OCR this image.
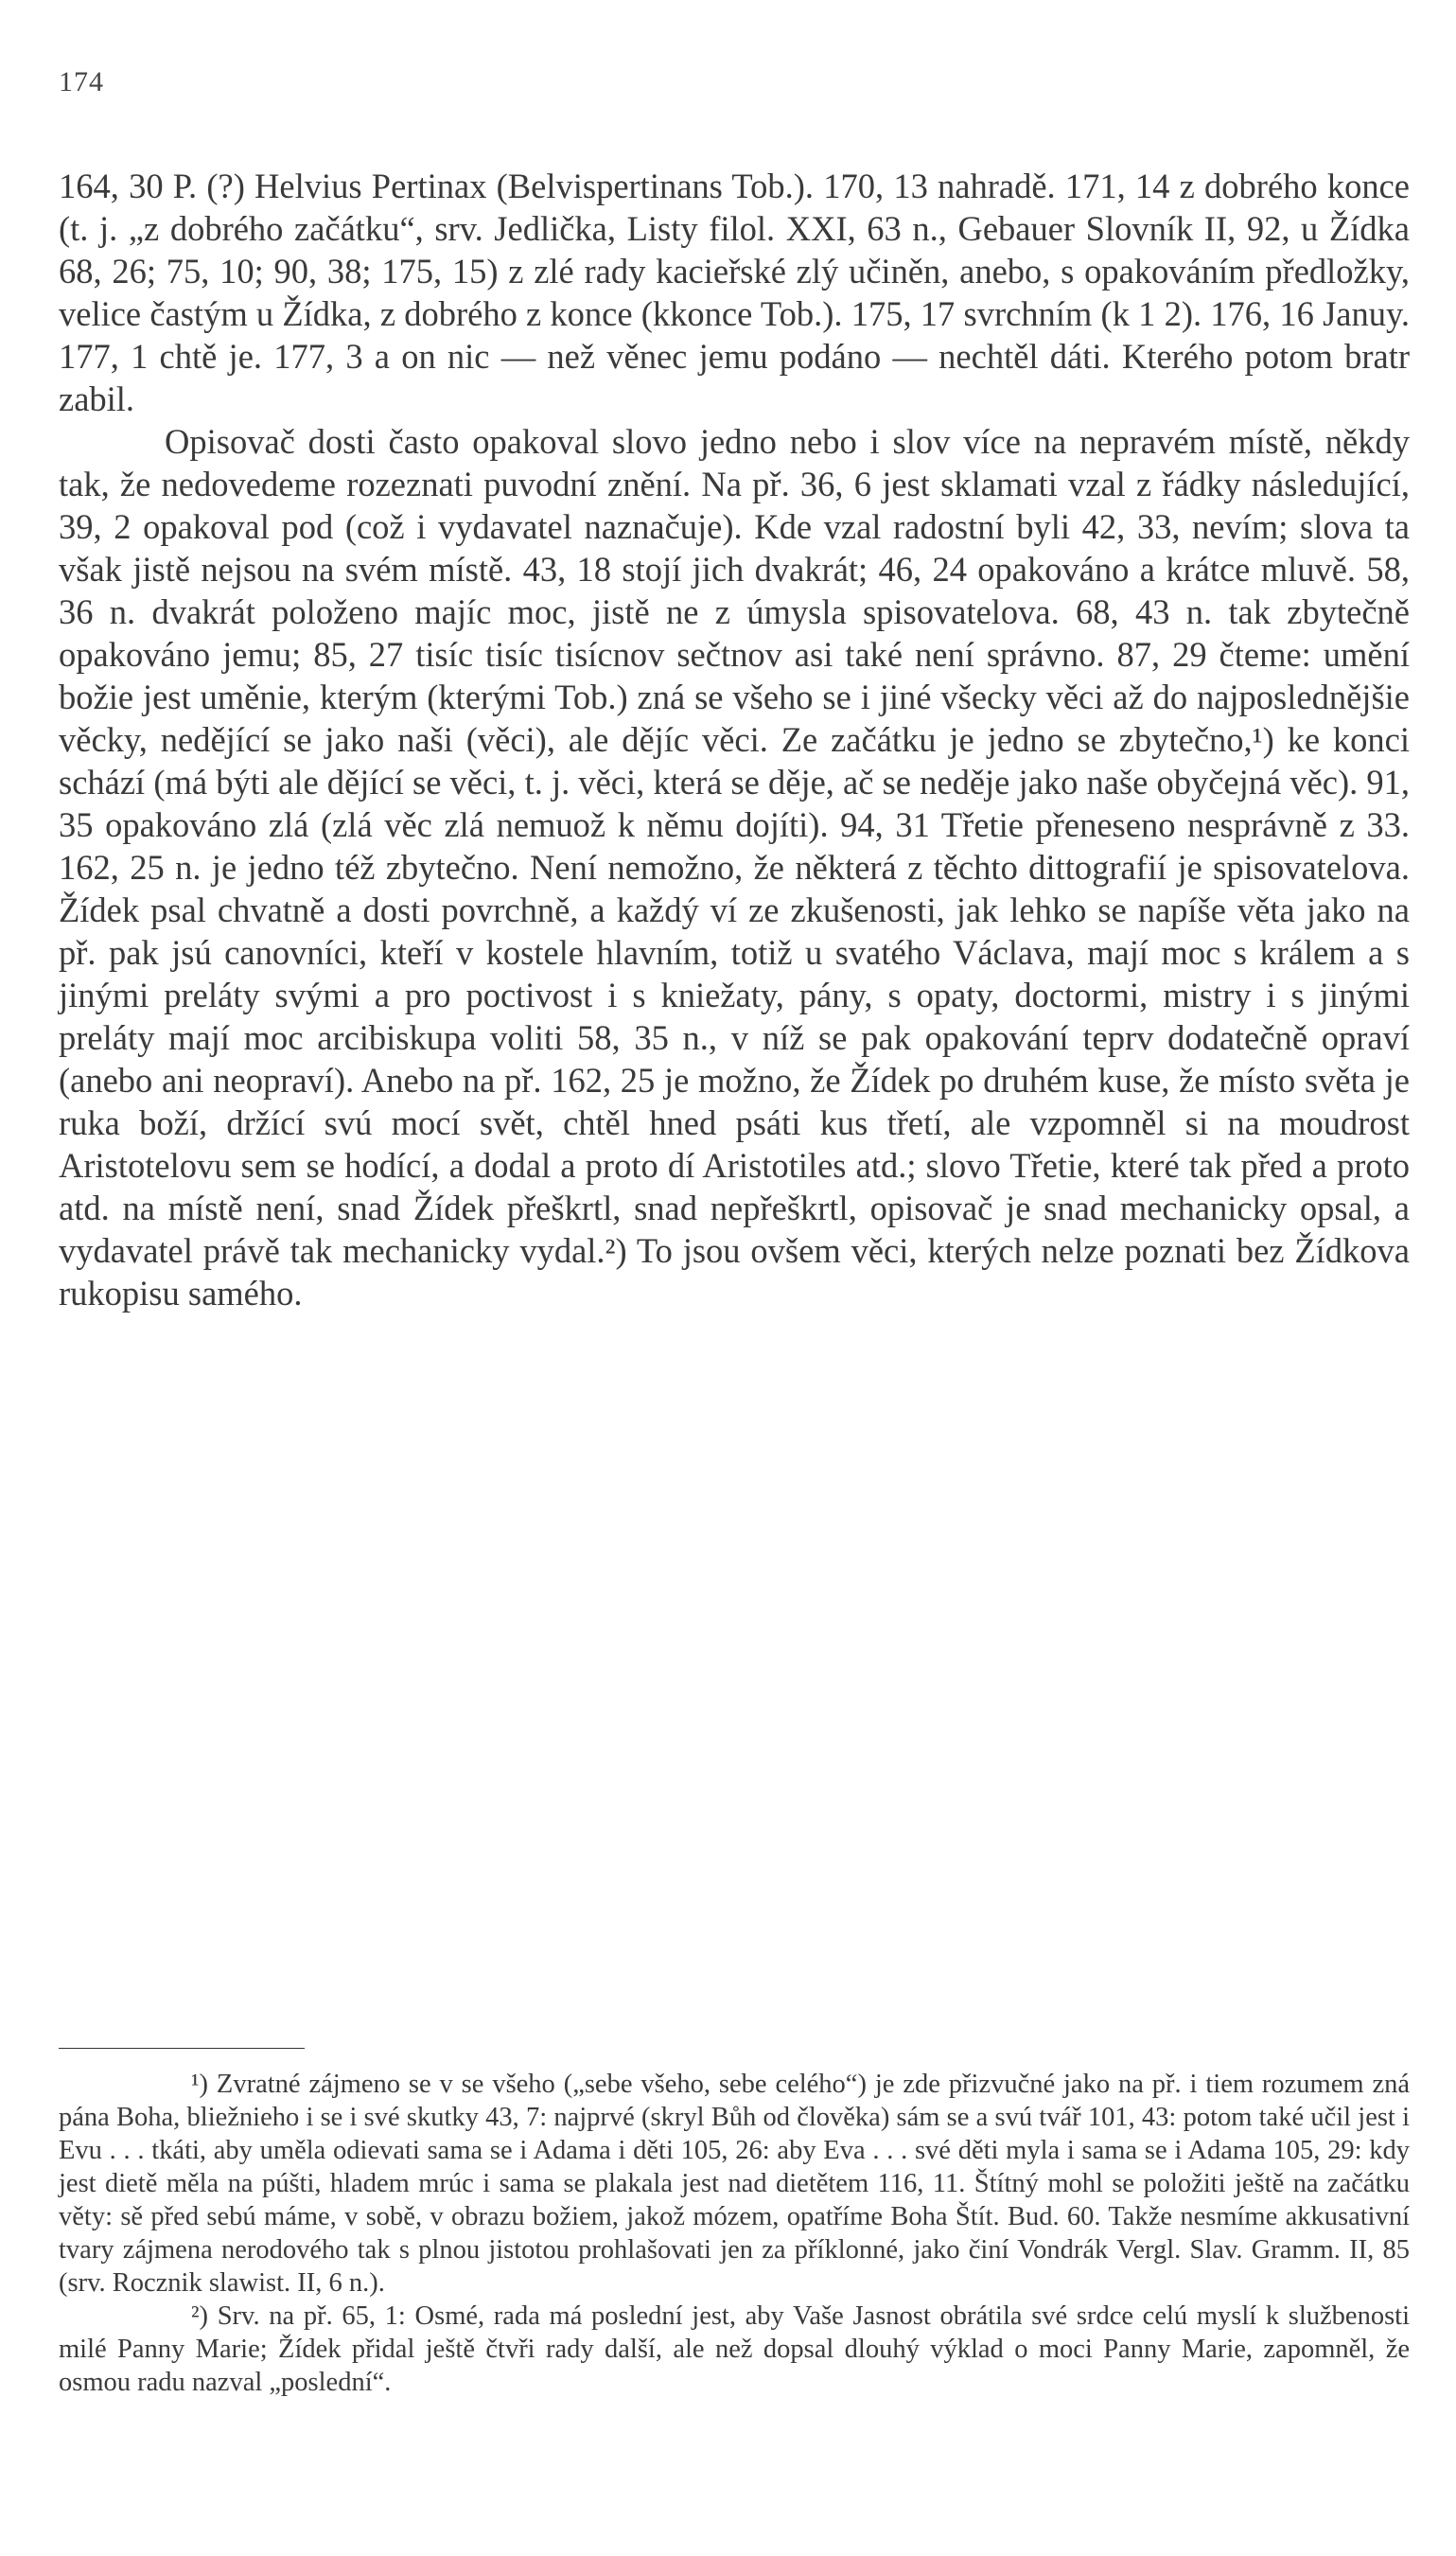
174

164, 30 P. (?) Helvius Pertinax (Belvispertinans Tob.). 170, 13 nahradě. 171, 14 z dobrého konce (t. j. „z dobrého začátku“, srv. Jedlička, Listy filol. XXI, 63 n., Gebauer Slovník II, 92, u Žídka 68, 26; 75, 10; 90, 38; 175, 15) z zlé rady kacieřské zlý učiněn, anebo, s opakováním předložky, velice častým u Žídka, z dobrého z konce (kkonce Tob.). 175, 17 svrchním (k 1 2). 176, 16 Januy. 177, 1 chtě je. 177, 3 a on nic — než věnec jemu podáno — nechtěl dáti. Kterého potom bratr zabil.

Opisovač dosti často opakoval slovo jedno nebo i slov více na nepravém místě, někdy tak, že nedovedeme rozeznati puvodní znění. Na př. 36, 6 jest sklamati vzal z řádky následující, 39, 2 opakoval pod (což i vydavatel naznačuje). Kde vzal radostní byli 42, 33, nevím; slova ta však jistě nejsou na svém místě. 43, 18 stojí jich dvakrát; 46, 24 opakováno a krátce mluvě. 58, 36 n. dvakrát položeno majíc moc, jistě ne z úmysla spisovatelova. 68, 43 n. tak zbytečně opakováno jemu; 85, 27 tisíc tisíc tisícnov sečtnov asi také není správno. 87, 29 čteme: umění božie jest uměnie, kterým (kterými Tob.) zná se všeho se i jiné všecky věci až do najposlednějšie věcky, nedějící se jako naši (věci), ale dějíc věci. Ze začátku je jedno se zbytečno,¹) ke konci schází (má býti ale dějící se věci, t. j. věci, která se děje, ač se neděje jako naše obyčejná věc). 91, 35 opakováno zlá (zlá věc zlá nemuož k němu dojíti). 94, 31 Třetie přeneseno nesprávně z 33. 162, 25 n. je jedno též zbytečno. Není nemožno, že některá z těchto dittografií je spisovatelova. Žídek psal chvatně a dosti povrchně, a každý ví ze zkušenosti, jak lehko se napíše věta jako na př. pak jsú canovníci, kteří v kostele hlavním, totiž u svatého Václava, mají moc s králem a s jinými preláty svými a pro poctivost i s kniežaty, pány, s opaty, doctormi, mistry i s jinými preláty mají moc arcibiskupa voliti 58, 35 n., v níž se pak opakování teprv dodatečně opraví (anebo ani neopraví). Anebo na př. 162, 25 je možno, že Žídek po druhém kuse, že místo světa je ruka boží, držící svú mocí svět, chtěl hned psáti kus třetí, ale vzpomněl si na moudrost Aristotelovu sem se hodící, a dodal a proto dí Aristotiles atd.; slovo Třetie, které tak před a proto atd. na místě není, snad Žídek přeškrtl, snad nepřeškrtl, opisovač je snad mechanicky opsal, a vydavatel právě tak mechanicky vydal.²) To jsou ovšem věci, kterých nelze poznati bez Žídkova rukopisu samého.

¹) Zvratné zájmeno se v se všeho („sebe všeho, sebe celého“) je zde přizvučné jako na př. i tiem rozumem zná pána Boha, bliežnieho i se i své skutky 43, 7: najprvé (skryl Bůh od člověka) sám se a svú tvář 101, 43: potom také učil jest i Evu . . . tkáti, aby uměla odievati sama se i Adama i děti 105, 26: aby Eva . . . své děti myla i sama se i Adama 105, 29: kdy jest dietě měla na púšti, hladem mrúc i sama se plakala jest nad dietětem 116, 11. Štítný mohl se položiti ještě na začátku věty: sě před sebú máme, v sobě, v obrazu božiem, jakož mózem, opatříme Boha Štít. Bud. 60. Takže nesmíme akkusativní tvary zájmena nerodového tak s plnou jistotou prohlašovati jen za příklonné, jako činí Vondrák Vergl. Slav. Gramm. II, 85 (srv. Rocznik slawist. II, 6 n.).

²) Srv. na př. 65, 1: Osmé, rada má poslední jest, aby Vaše Jasnost obrátila své srdce celú myslí k službenosti milé Panny Marie; Žídek přidal ještě čtvři rady další, ale než dopsal dlouhý výklad o moci Panny Marie, zapomněl, že osmou radu nazval „poslední“.
